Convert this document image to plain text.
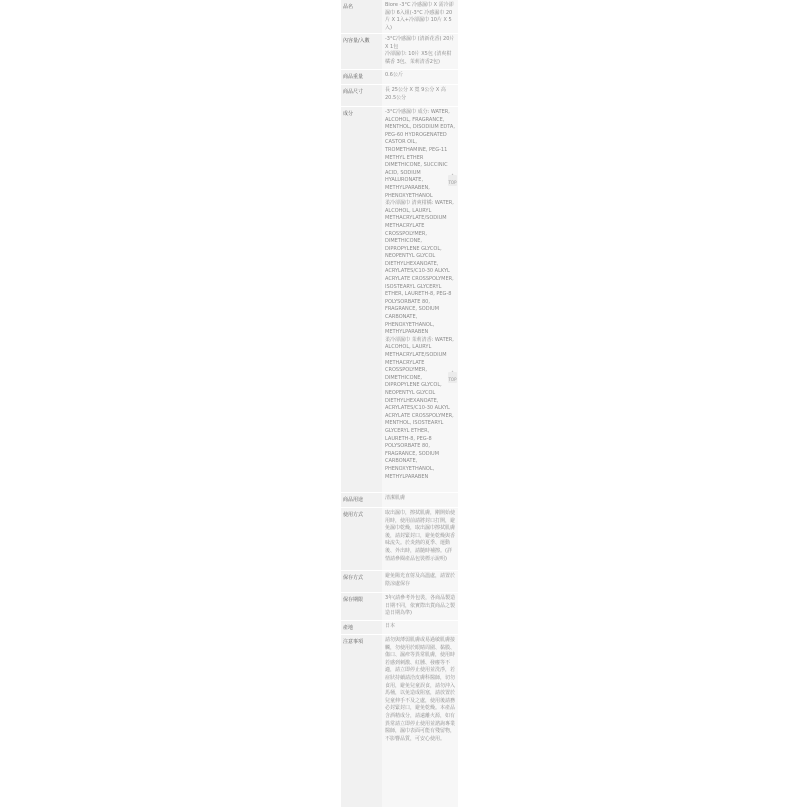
品名	Biore -3°C 冷感濕巾 X 需冷卻濕巾 6入組(-3°C 冷感濕巾 20片 X 1入+冷卻濕巾 10片 X 5入)
內容量/入數	-3°C冷感濕巾 (清新花香) 20片 X 1包
冷卻濕巾: 10片 X5包 (清爽柑橘香 3包、茉莉清香2包)
商品重量	0.6公斤
商品尺寸	長 25公分 X 寬 9公分 X 高 20.5公分
成分	-3°C冷感濕巾 成分: WATER, ALCOHOL, FRAGRANCE, MENTHOL, DISODIUM EDTA, PEG-60 HYDROGENATED CASTOR OIL, TROMETHAMINE, PEG-11 METHYL ETHER DIMETHICONE, SUCCINIC ACID, SODIUM HYALURONATE, METHYLPARABEN, PHENOXYETHANOL
柔冷卻濕巾 清爽柑橘: WATER, ALCOHOL, LAURYL METHACRYLATE/SODIUM METHACRYLATE CROSSPOLYMER, DIMETHICONE, DIPROPYLENE GLYCOL, NEOPENTYL GLYCOL DIETHYLHEXANOATE, ACRYLATES/C10-30 ALKYL ACRYLATE CROSSPOLYMER, ISOSTEARYL GLYCERYL ETHER, LAURETH-8, PEG-8 POLYSORBATE 80, FRAGRANCE, SODIUM CARBONATE, PHENOXYETHANOL, METHYLPARABEN
柔冷卻濕巾 茉莉清香: WATER, ALCOHOL, LAURYL METHACRYLATE/SODIUM METHACRYLATE CROSSPOLYMER, DIMETHICONE, DIPROPYLENE GLYCOL, NEOPENTYL GLYCOL DIETHYLHEXANOATE, ACRYLATES/C10-30 ALKYL ACRYLATE CROSSPOLYMER, MENTHOL, ISOSTEARYL GLYCERYL ETHER, LAURETH-8, PEG-8 POLYSORBATE 80, FRAGRANCE, SODIUM CARBONATE, PHENOXYETHANOL, METHYLPARABEN
商品用途	清潔肌膚
使用方式	取出濕巾，擦拭肌膚，剛開始使用時，使用前請將封口打開，避免濕巾乾燥，取出濕巾擦拭肌膚後，請封緊封口，避免乾燥與香味流失。於炎熱的夏季、運動後、外出時，請隨時補擦。(詳情請參閱產品包裝標示說明)
保存方式	避免陽光直射及高溫處，請置於陰涼處保存
保存期限	3年(請參考外包裝，各商品製造日期不同，依實際出貨商品之製造日期為準)
產地	日本
注意事項	請勿與薄弱肌膚或易過敏肌膚接觸，勿使用於眼睛周圍、黏膜、傷口、濕疹等異常肌膚，使用時若感到刺激、紅腫、發癢等不適，請立即停止使用並洗淨，若症狀持續請洽皮膚科醫師，切勿食用，避免兒童誤食，請勿沖入馬桶，以免造成阻塞，請放置於兒童伸手不及之處，使用後請務必封緊封口，避免乾燥。本產品含酒精成分，請遠離火源，如有異常請立即停止使用並諮詢專業醫師，濕巾表面可能有殘留物，不影響品質，可安心使用。
˄
TOP
˄
TOP
